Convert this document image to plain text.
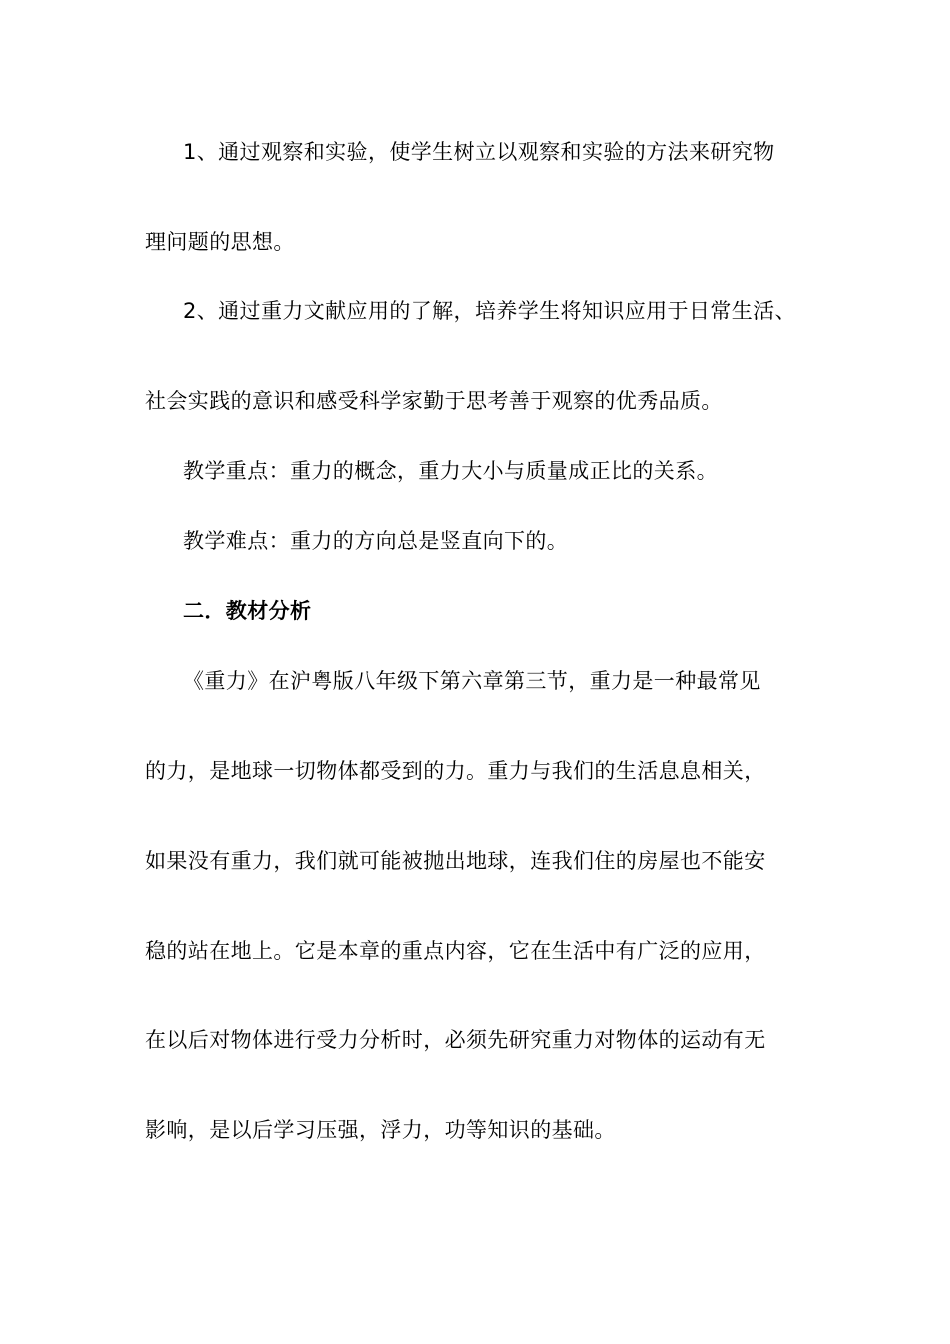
1、通过观察和实验，使学生树立以观察和实验的方法来研究物
理问题的思想。
2、通过重力文献应用的了解，培养学生将知识应用于日常生活、
社会实践的意识和感受科学家勤于思考善于观察的优秀品质。
教学重点：重力的概念，重力大小与质量成正比的关系。
教学难点：重力的方向总是竖直向下的。
二．教材分析
《重力》在沪粤版八年级下第六章第三节，重力是一种最常见
的力，是地球一切物体都受到的力。重力与我们的生活息息相关，
如果没有重力，我们就可能被抛出地球，连我们住的房屋也不能安
稳的站在地上。它是本章的重点内容，它在生活中有广泛的应用，
在以后对物体进行受力分析时，必须先研究重力对物体的运动有无
影响，是以后学习压强，浮力，功等知识的基础。
